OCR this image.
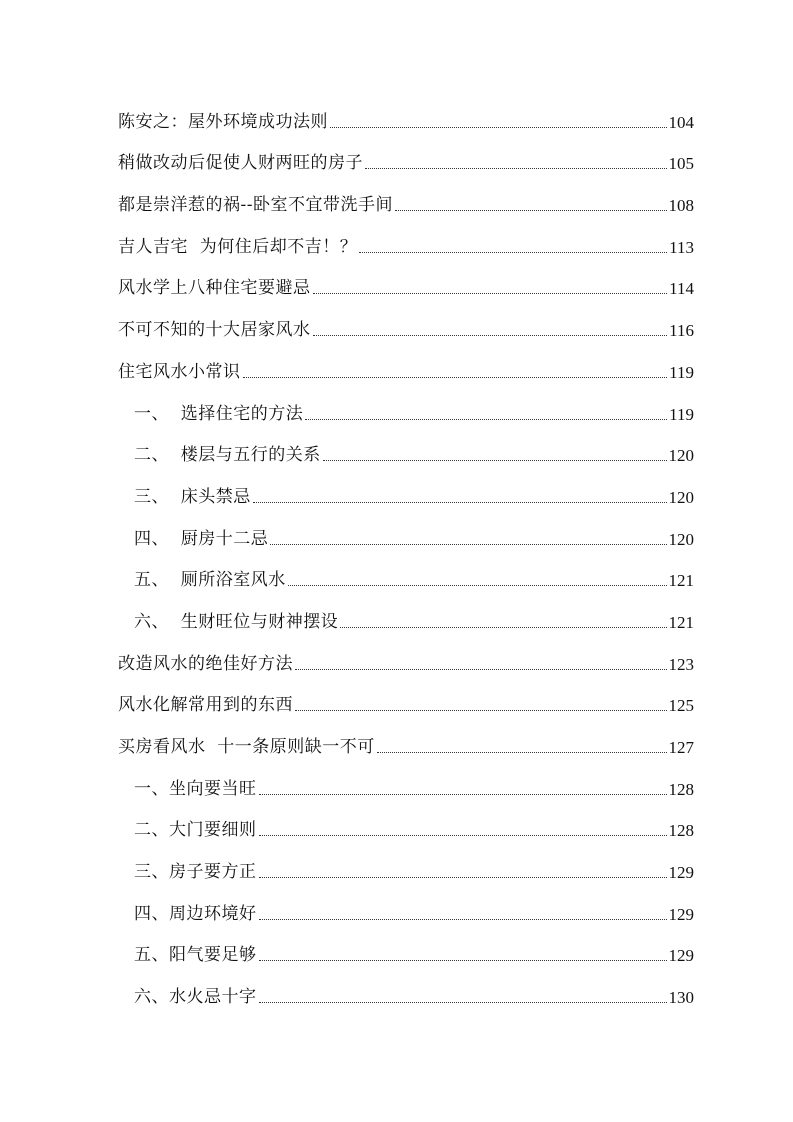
陈安之：屋外环境成功法则	104
稍做改动后促使人财两旺的房子	105
都是崇洋惹的祸--卧室不宜带洗手间	108
吉人吉宅  为何住后却不吉！？	113
风水学上八种住宅要避忌	114
不可不知的十大居家风水	116
住宅风水小常识	119
一、  选择住宅的方法	119
二、  楼层与五行的关系	120
三、  床头禁忌	120
四、  厨房十二忌	120
五、  厕所浴室风水	121
六、  生财旺位与财神摆设	121
改造风水的绝佳好方法	123
风水化解常用到的东西	125
买房看风水  十一条原则缺一不可	127
一、坐向要当旺	128
二、大门要细则	128
三、房子要方正	129
四、周边环境好	129
五、阳气要足够	129
六、水火忌十字	130
